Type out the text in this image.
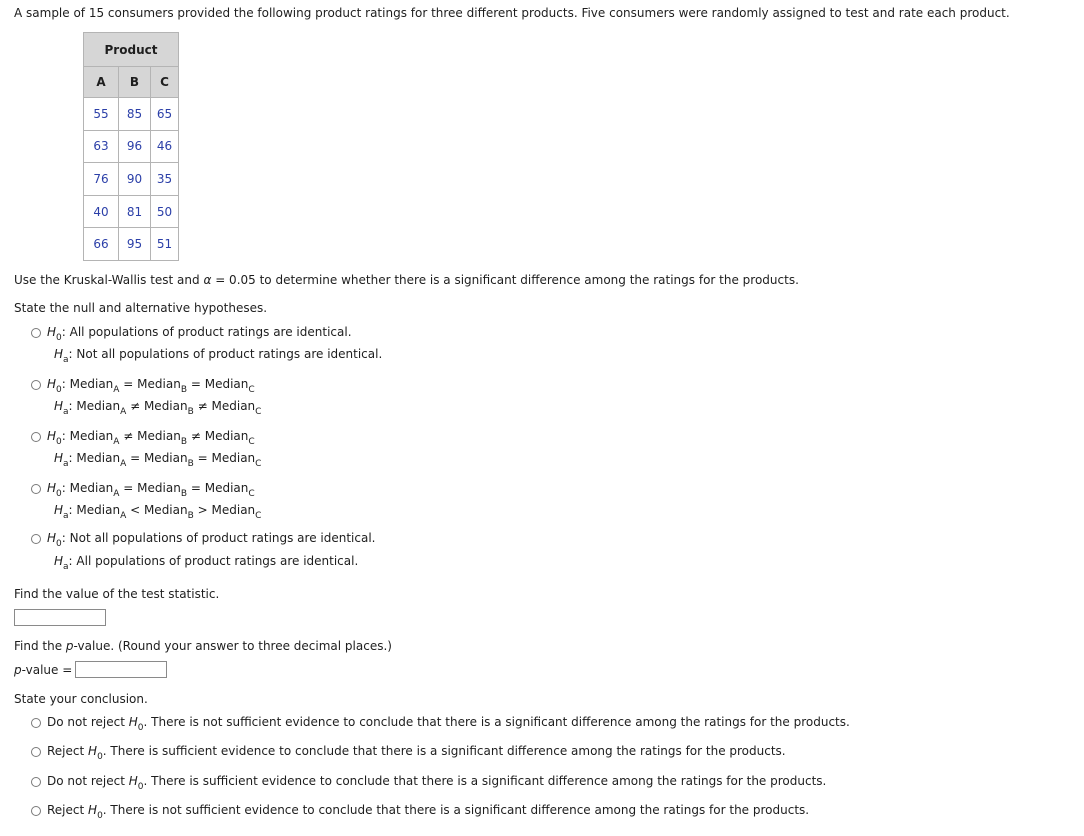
A sample of 15 consumers provided the following product ratings for three different products. Five consumers were randomly assigned to test and rate each product.
Product		
A	B	C
55	85	65
63	96	46
76	90	35
40	81	50
66	95	51
Use the Kruskal-Wallis test and α = 0.05 to determine whether there is a significant difference among the ratings for the products.
State the null and alternative hypotheses.
$H_0$: All populations of product ratings are identical.
$H_a$: Not all populations of product ratings are identical.
$H_0$: Median$_A$ = Median$_B$ = Median$_C$
$H_a$: Median$_A$ ≠ Median$_B$ ≠ Median$_C$
$H_0$: Median$_A$ ≠ Median$_B$ ≠ Median$_C$
$H_a$: Median$_A$ = Median$_B$ = Median$_C$
$H_0$: Median$_A$ = Median$_B$ = Median$_C$
$H_a$: Median$_A$ < Median$_B$ > Median$_C$
$H_0$: Not all populations of product ratings are identical.
$H_a$: All populations of product ratings are identical.
Find the value of the test statistic.
Find the p-value. (Round your answer to three decimal places.)
p-value =
State your conclusion.
Do not reject $H_0$. There is not sufficient evidence to conclude that there is a significant difference among the ratings for the products.
Reject $H_0$. There is sufficient evidence to conclude that there is a significant difference among the ratings for the products.
Do not reject $H_0$. There is sufficient evidence to conclude that there is a significant difference among the ratings for the products.
Reject $H_0$. There is not sufficient evidence to conclude that there is a significant difference among the ratings for the products.
